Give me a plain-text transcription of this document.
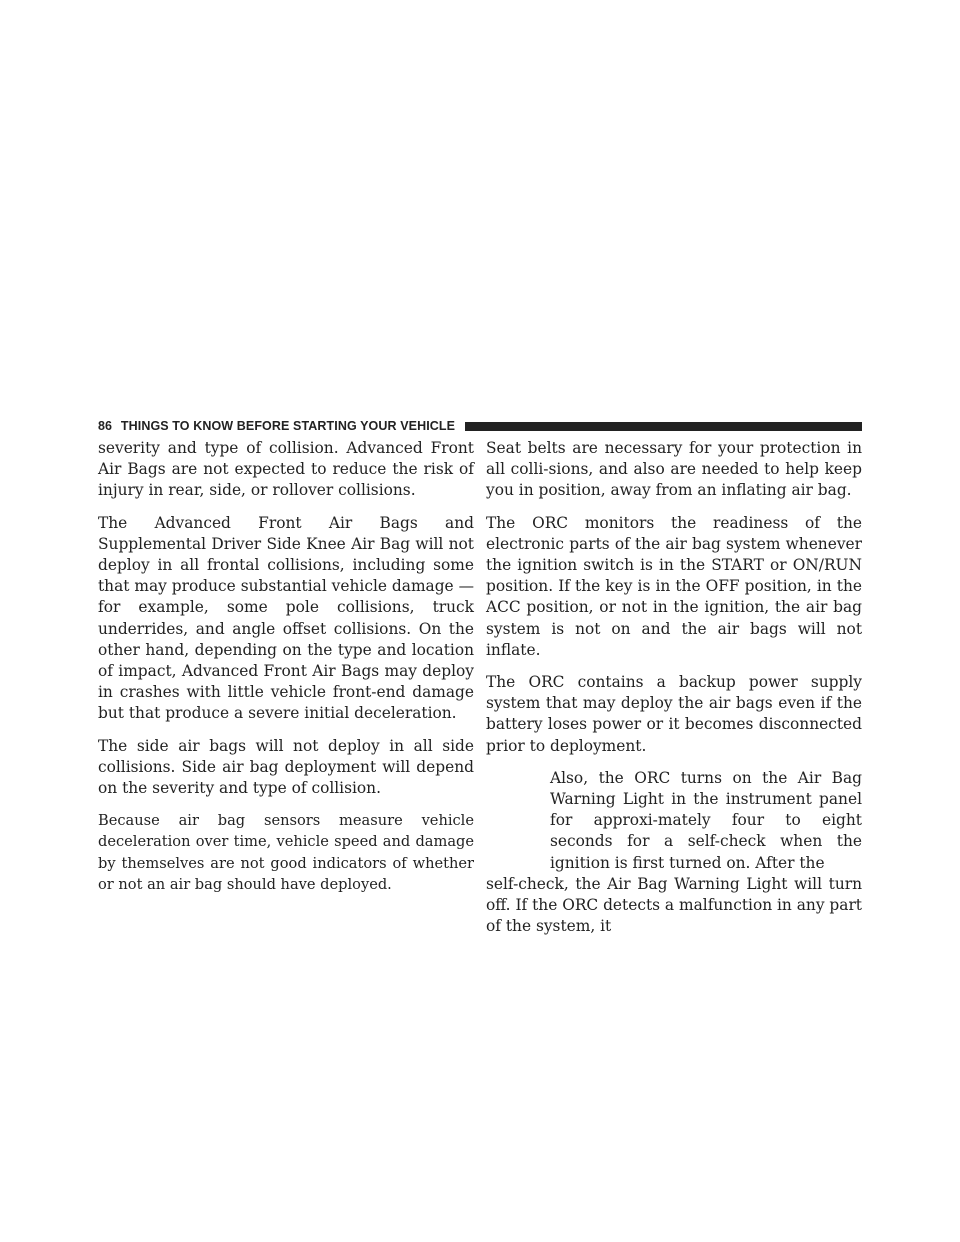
86 THINGS TO KNOW BEFORE STARTING YOUR VEHICLE

severity and type of collision. Advanced Front Air Bags are not expected to reduce the risk of injury in rear, side, or rollover collisions.

The Advanced Front Air Bags and Supplemental Driver Side Knee Air Bag will not deploy in all frontal collisions, including some that may produce substantial vehicle damage — for example, some pole collisions, truck underrides, and angle offset collisions. On the other hand, depending on the type and location of impact, Advanced Front Air Bags may deploy in crashes with little vehicle front-end damage but that produce a severe initial deceleration.

The side air bags will not deploy in all side collisions. Side air bag deployment will depend on the severity and type of collision.

Because air bag sensors measure vehicle deceleration over time, vehicle speed and damage by themselves are not good indicators of whether or not an air bag should have deployed.

Seat belts are necessary for your protection in all colli-sions, and also are needed to help keep you in position, away from an inflating air bag.

The ORC monitors the readiness of the electronic parts of the air bag system whenever the ignition switch is in the START or ON/RUN position. If the key is in the OFF position, in the ACC position, or not in the ignition, the air bag system is not on and the air bags will not inflate.

The ORC contains a backup power supply system that may deploy the air bags even if the battery loses power or it becomes disconnected prior to deployment.

Also, the ORC turns on the Air Bag Warning Light in the instrument panel for approxi-mately four to eight seconds for a self-check when the ignition is first turned on. After the
self-check, the Air Bag Warning Light will turn off. If the ORC detects a malfunction in any part of the system, it
